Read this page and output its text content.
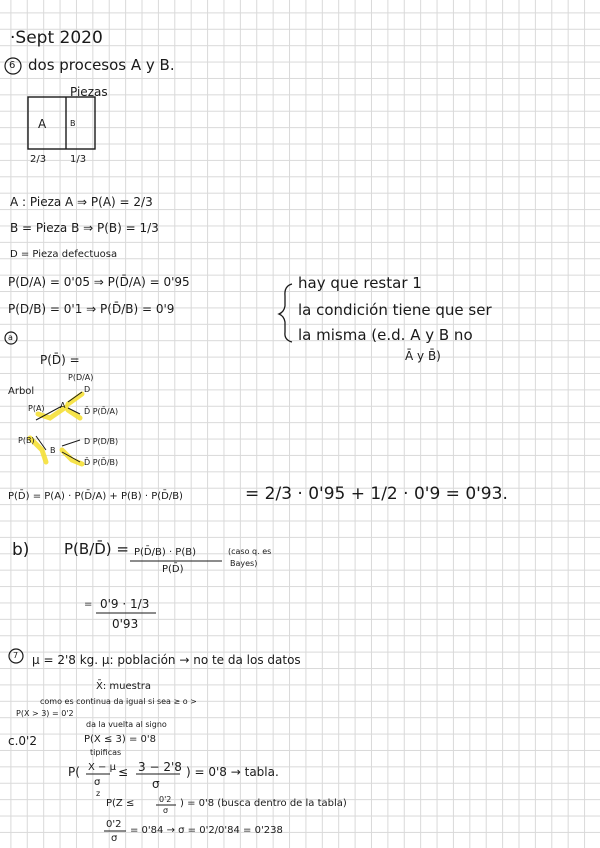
·Sept 2020
6 dos procesos A y B.
Piezas
A	B
2/3 1/3
A : Pieza A ⇒ P(A) = 2/3
B = Pieza B ⇒ P(B) = 1/3
D = Pieza defectuosa
P(D/A) = 0'05 ⇒ P(D̄/A) = 0'95
P(D/B) = 0'1 ⇒ P(D̄/B) = 0'9
hay que restar 1
la condición tiene que ser
la misma (e.d. A y B no
Ā y B̄)
a
P(D̄) =
Arbol
P(D/A)
D
P(A) A
D̄ P(D̄/A)
P(B)
B
D P(D/B)
D̄ P(D̄/B)
P(D̄) = P(A) · P(D̄/A) + P(B) · P(D̄/B)	= 2/3 · 0'95 + 1/2 · 0'9 = 0'93.
b) P(B/D̄) = P(D̄/B) · P(B)
P(D̄)
(caso q. es
Bayes)
= 0'9 · 1/3
0'93
7 μ = 2'8 kg. μ: población → no te da los datos
X̄: muestra
como es continua da igual si sea ≥ o >
P(X > 3) = 0'2
da la vuelta al signo
c.0'2	P(X ≤ 3) = 0'8
tipificas
P( X − μ
σ
≤ 3 − 2'8
σ
) = 0'8 → tabla.
z
P(Z ≤	0'2
σ
) = 0'8 (busca dentro de la tabla)
0'2
σ
= 0'84 → σ = 0'2/0'84 = 0'238
